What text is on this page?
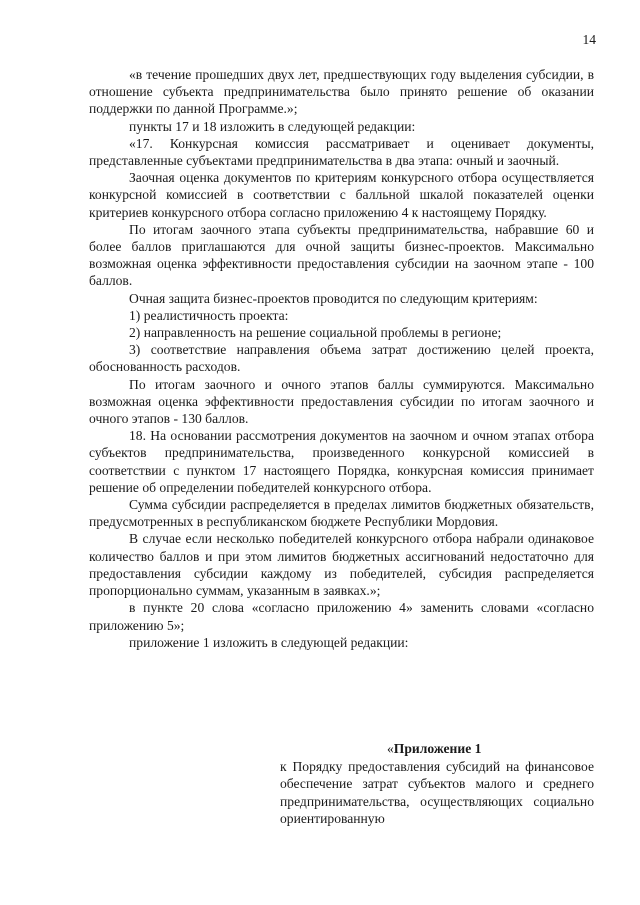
14

«в течение прошедших двух лет, предшествующих году выделения субсидии, в отношение субъекта предпринимательства было принято решение об оказании поддержки по данной Программе.»;

пункты 17 и 18 изложить в следующей редакции:

«17. Конкурсная комиссия рассматривает и оценивает документы, представленные субъектами предпринимательства в два этапа: очный и заочный.

Заочная оценка документов по критериям конкурсного отбора осуществляется конкурсной комиссией в соответствии с балльной шкалой показателей оценки критериев конкурсного отбора согласно приложению 4 к настоящему Порядку.

По итогам заочного этапа субъекты предпринимательства, набравшие 60 и более баллов приглашаются для очной защиты бизнес-проектов. Максимально возможная оценка эффективности предоставления субсидии на заочном этапе - 100 баллов.

Очная защита бизнес-проектов проводится по следующим критериям:

1) реалистичность проекта:

2) направленность на решение социальной проблемы в регионе;

3) соответствие направления объема затрат достижению целей проекта, обоснованность расходов.

По итогам заочного и очного этапов баллы суммируются. Максимально возможная оценка эффективности предоставления субсидии по итогам заочного и очного этапов - 130 баллов.

18. На основании рассмотрения документов на заочном и очном этапах отбора субъектов предпринимательства, произведенного конкурсной комиссией в соответствии с пунктом 17 настоящего Порядка, конкурсная комиссия принимает решение об определении победителей конкурсного отбора.

Сумма субсидии распределяется в пределах лимитов бюджетных обязательств, предусмотренных в республиканском бюджете Республики Мордовия.

В случае если несколько победителей конкурсного отбора набрали одинаковое количество баллов и при этом лимитов бюджетных ассигнований недостаточно для предоставления субсидии каждому из победителей, субсидия распределяется пропорционально суммам, указанным в заявках.»;

в пункте 20 слова «согласно приложению 4» заменить словами «согласно приложению 5»;

приложение 1 изложить в следующей редакции:

«Приложение 1

к Порядку предоставления субсидий на финансовое обеспечение затрат субъектов малого и среднего предпринимательства, осуществляющих социально ориентированную
